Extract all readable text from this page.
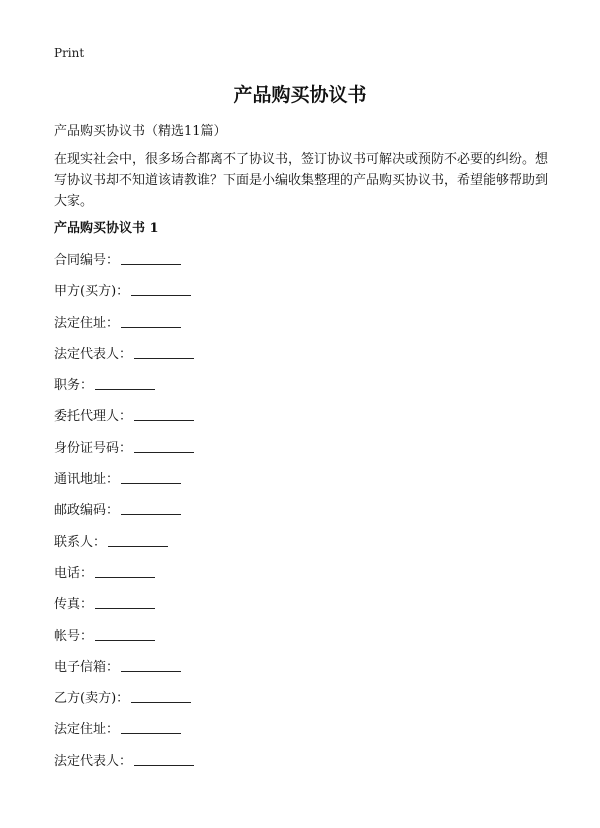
Print
产品购买协议书
产品购买协议书（精选11篇）
在现实社会中，很多场合都离不了协议书，签订协议书可解决或预防不必要的纠纷。想写协议书却不知道该请教谁？下面是小编收集整理的产品购买协议书，希望能够帮助到大家。
产品购买协议书 1
合同编号：
甲方(买方)：
法定住址：
法定代表人：
职务：
委托代理人：
身份证号码：
通讯地址：
邮政编码：
联系人：
电话：
传真：
帐号：
电子信箱：
乙方(卖方)：
法定住址：
法定代表人：
